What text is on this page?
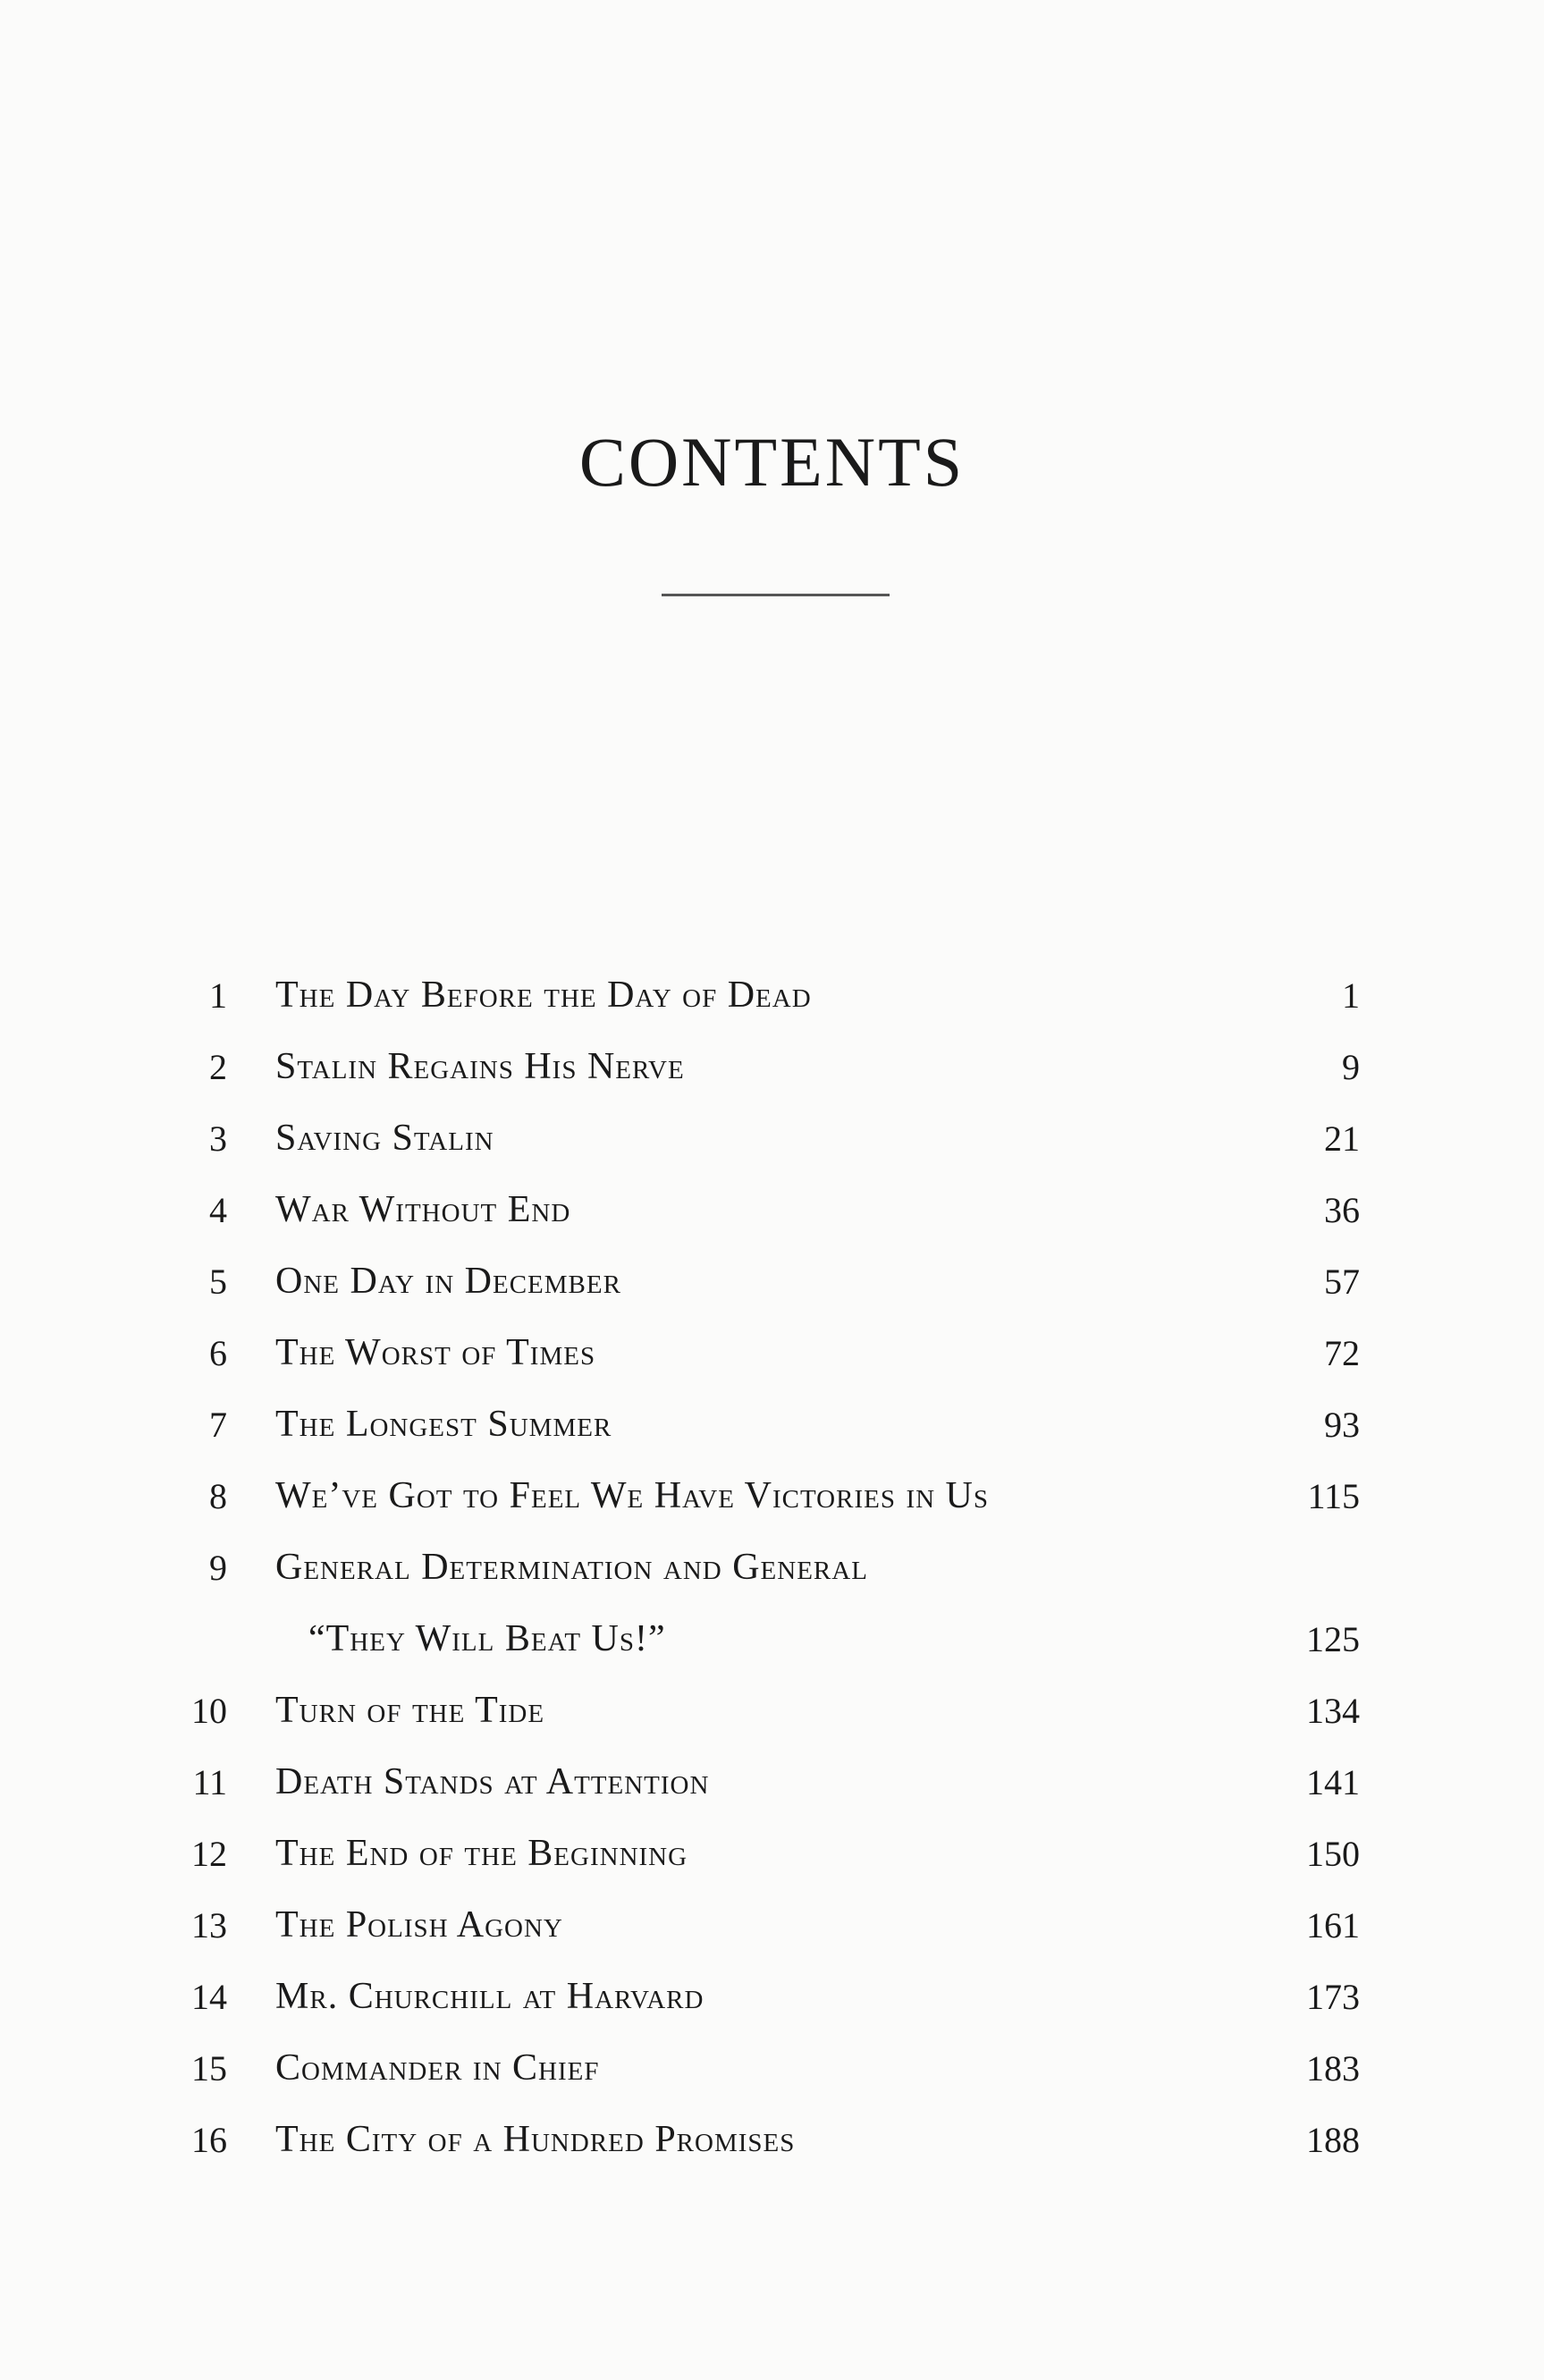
CONTENTS
1 The Day Before the Day of Dead	1
2 Stalin Regains His Nerve	9
3 Saving Stalin	21
4 War Without End	36
5 One Day in December	57
6 The Worst of Times	72
7 The Longest Summer	93
8 We’ve Got to Feel We Have Victories in Us	115
9 General Determination and General
“They Will Beat Us!”	125
10 Turn of the Tide	134
11 Death Stands at Attention	141
12 The End of the Beginning	150
13 The Polish Agony	161
14 Mr. Churchill at Harvard	173
15 Commander in Chief	183
16 The City of a Hundred Promises	188
